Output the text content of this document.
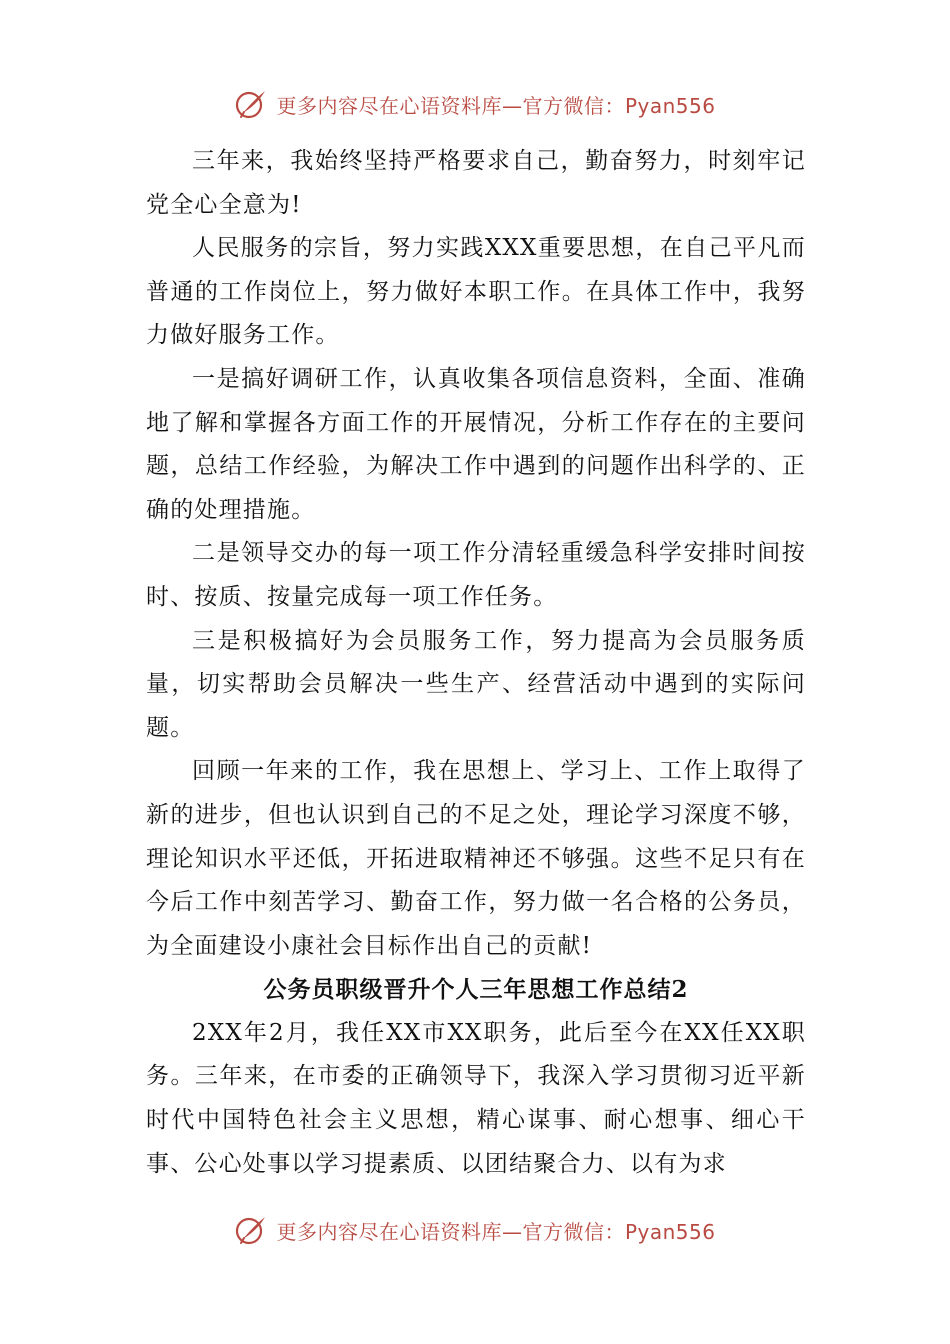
更多内容尽在心语资料库—官方微信：Pyan556

三年来，我始终坚持严格要求自己，勤奋努力，时刻牢记党全心全意为!

人民服务的宗旨，努力实践XXX重要思想，在自己平凡而普通的工作岗位上，努力做好本职工作。在具体工作中，我努力做好服务工作。

一是搞好调研工作，认真收集各项信息资料，全面、准确地了解和掌握各方面工作的开展情况，分析工作存在的主要问题，总结工作经验，为解决工作中遇到的问题作出科学的、正确的处理措施。

二是领导交办的每一项工作分清轻重缓急科学安排时间按时、按质、按量完成每一项工作任务。

三是积极搞好为会员服务工作，努力提高为会员服务质量，切实帮助会员解决一些生产、经营活动中遇到的实际问题。

回顾一年来的工作，我在思想上、学习上、工作上取得了新的进步，但也认识到自己的不足之处，理论学习深度不够，理论知识水平还低，开拓进取精神还不够强。这些不足只有在今后工作中刻苦学习、勤奋工作，努力做一名合格的公务员，为全面建设小康社会目标作出自己的贡献!

公务员职级晋升个人三年思想工作总结2

2XX年2月，我任XX市XX职务，此后至今在XX任XX职务。三年来，在市委的正确领导下，我深入学习贯彻习近平新时代中国特色社会主义思想，精心谋事、耐心想事、细心干事、公心处事以学习提素质、以团结聚合力、以有为求

更多内容尽在心语资料库—官方微信：Pyan556
